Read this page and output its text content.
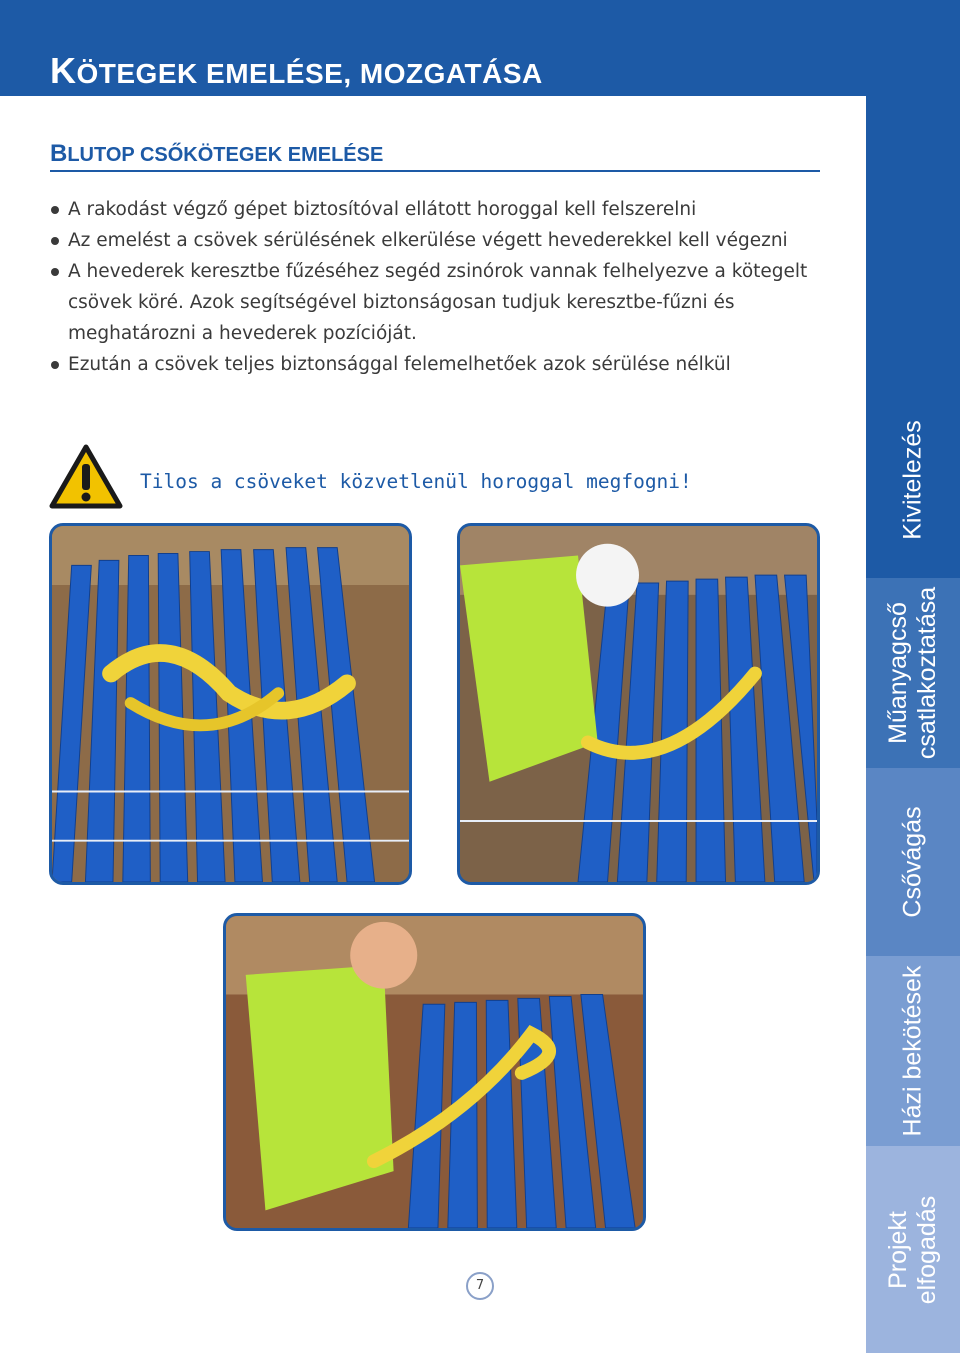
KÖTEGEK EMELÉSE, MOZGATÁSA
BLUTOP CSŐKÖTEGEK EMELÉSE
A rakodást végző gépet biztosítóval ellátott horoggal kell felszerelni
Az emelést a csövek sérülésének elkerülése végett hevederekkel kell végezni
A hevederek keresztbe fűzéséhez segéd zsinórok vannak felhelyezve a kötegelt csövek köré. Azok segítségével biztonságosan tudjuk keresztbe-fűzni és meghatározni a hevederek pozícióját.
Ezután a csövek teljes biztonsággal felemelhetőek azok sérülése nélkül
Tilos a csöveket közvetlenül horoggal megfogni!
7
Kivitelezés
Műanyagcső
csatlakoztatása
Csővágás
Házi bekötések
Projekt
elfogadás
